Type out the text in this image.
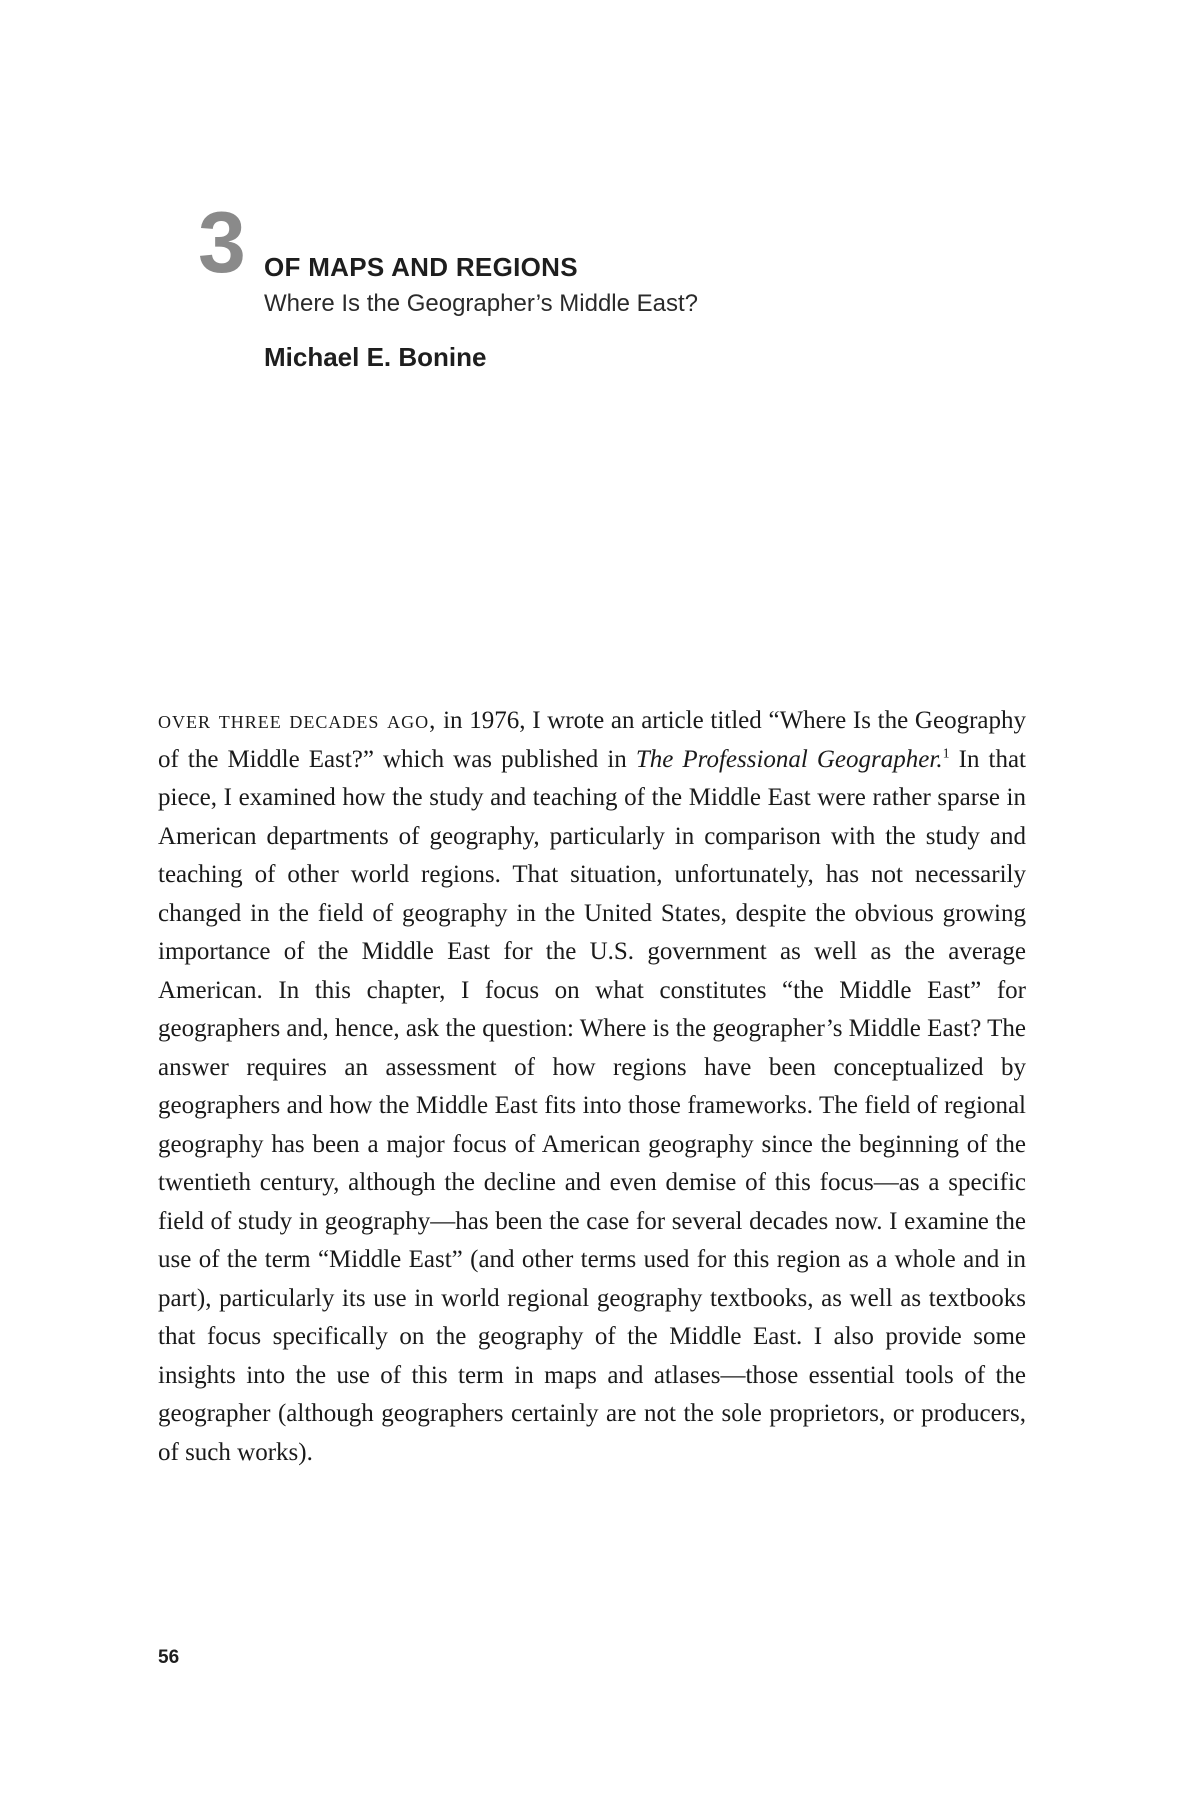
3 OF MAPS AND REGIONS
Where Is the Geographer’s Middle East?
Michael E. Bonine

over three decades ago, in 1976, I wrote an article titled “Where Is the Geography of the Middle East?” which was published in The Professional Geographer.$^1$ In that piece, I examined how the study and teaching of the Middle East were rather sparse in American departments of geography, particularly in comparison with the study and teaching of other world regions. That situation, unfortunately, has not necessarily changed in the field of geography in the United States, despite the obvious growing importance of the Middle East for the U.S. government as well as the average American. In this chapter, I focus on what constitutes “the Middle East” for geographers and, hence, ask the question: Where is the geographer’s Middle East? The answer requires an assessment of how regions have been conceptualized by geographers and how the Middle East fits into those frameworks. The field of regional geography has been a major focus of American geography since the beginning of the twentieth century, although the decline and even demise of this focus—as a specific field of study in geography—has been the case for several decades now. I examine the use of the term “Middle East” (and other terms used for this region as a whole and in part), particularly its use in world regional geography textbooks, as well as textbooks that focus specifically on the geography of the Middle East. I also provide some insights into the use of this term in maps and atlases—those essential tools of the geographer (although geographers certainly are not the sole proprietors, or producers, of such works).

56
